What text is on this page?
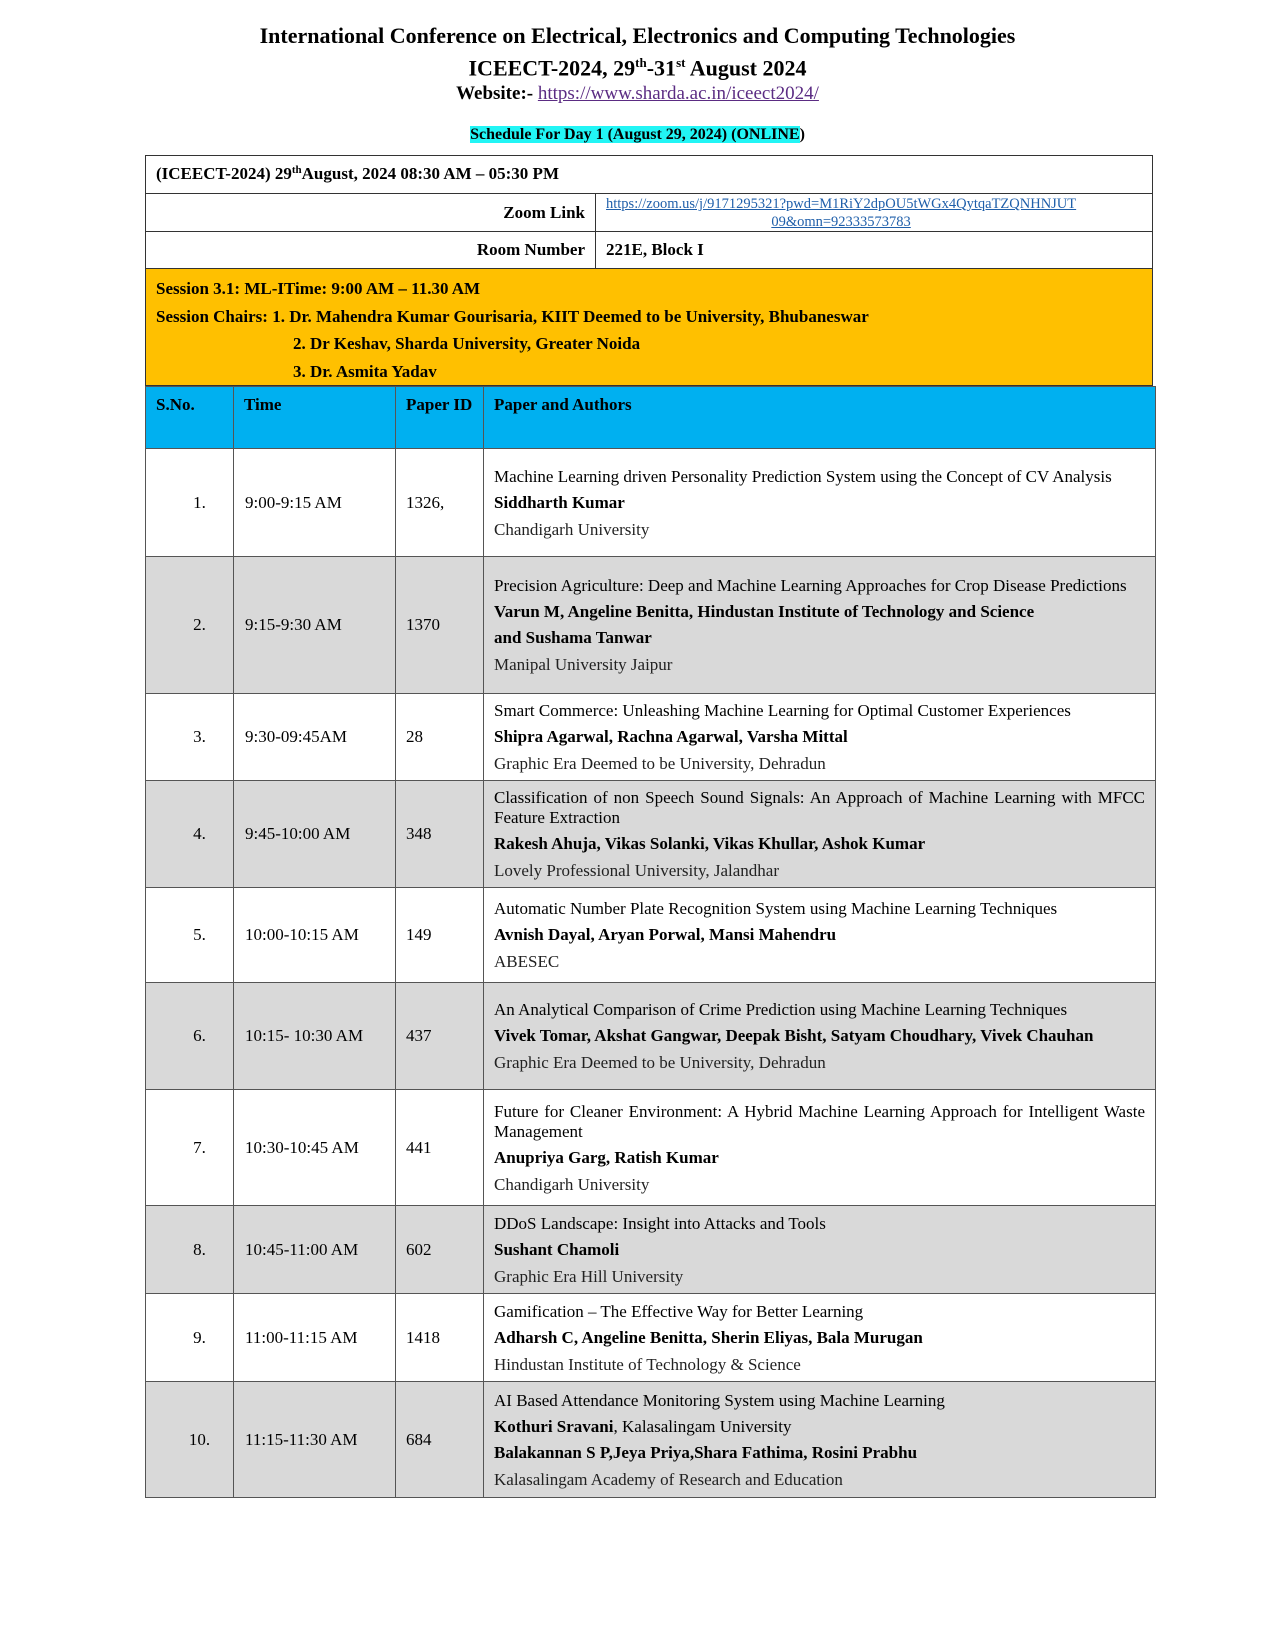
International Conference on Electrical, Electronics and Computing Technologies
ICEECT-2024, 29th-31st August 2024
Website:- https://www.sharda.ac.in/iceect2024/
Schedule For Day 1 (August 29, 2024) (ONLINE)
(ICEECT-2024) 29 th August, 2024 08:30 AM – 05:30 PM
Zoom Link	https://zoom.us/j/9171295321?pwd=M1RiY2dpOU5tWGx4QytqaTZQNHNJUT
09&omn=92333573783
Room Number	221E, Block I
Session 3.1: ML-ITime: 9:00 AM – 11.30 AM
Session Chairs: 1. Dr. Mahendra Kumar Gourisaria, KIIT Deemed to be University, Bhubaneswar
2. Dr Keshav, Sharda University, Greater Noida
3. Dr. Asmita Yadav
S.No.	Time	Paper ID	Paper and Authors
1.	9:00-9:15 AM	1326,	Machine Learning driven Personality Prediction System using the Concept of CV Analysis
Siddharth Kumar
Chandigarh University

2.	9:15-9:30 AM	1370	Precision Agriculture: Deep and Machine Learning Approaches for Crop Disease Predictions
Varun M, Angeline Benitta, Hindustan Institute of Technology and Science
and Sushama Tanwar
Manipal University Jaipur

3.	9:30-09:45AM	28	Smart Commerce: Unleashing Machine Learning for Optimal Customer Experiences
Shipra Agarwal, Rachna Agarwal, Varsha Mittal
Graphic Era Deemed to be University, Dehradun

4.	9:45-10:00 AM	348	Classification of non Speech Sound Signals: An Approach of Machine Learning with MFCC Feature Extraction
Rakesh Ahuja, Vikas Solanki, Vikas Khullar, Ashok Kumar
Lovely Professional University, Jalandhar

5.	10:00-10:15 AM	149	Automatic Number Plate Recognition System using Machine Learning Techniques
Avnish Dayal, Aryan Porwal, Mansi Mahendru
ABESEC

6.	10:15- 10:30 AM	437	An Analytical Comparison of Crime Prediction using Machine Learning Techniques
Vivek Tomar, Akshat Gangwar, Deepak Bisht, Satyam Choudhary, Vivek Chauhan
Graphic Era Deemed to be University, Dehradun

7.	10:30-10:45 AM	441	Future for Cleaner Environment: A Hybrid Machine Learning Approach for Intelligent Waste Management
Anupriya Garg, Ratish Kumar
Chandigarh University

8.	10:45-11:00 AM	602	DDoS Landscape: Insight into Attacks and Tools
Sushant Chamoli
Graphic Era Hill University

9.	11:00-11:15 AM	1418	Gamification – The Effective Way for Better Learning
Adharsh C, Angeline Benitta, Sherin Eliyas, Bala Murugan
Hindustan Institute of Technology & Science

10.	11:15-11:30 AM	684	AI Based Attendance Monitoring System using Machine Learning
Kothuri Sravani, Kalasalingam University
Balakannan S P,Jeya Priya,Shara Fathima, Rosini Prabhu
Kalasalingam Academy of Research and Education
